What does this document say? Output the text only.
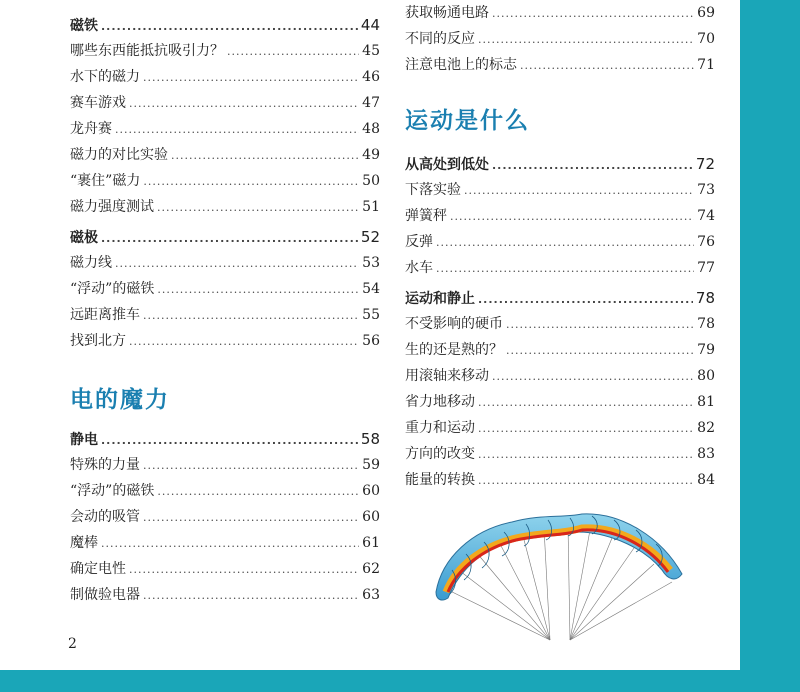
磁铁 .....	44
哪些东西能抵抗吸引力？ .....	45
水下的磁力 .....	46
赛车游戏 .....	47
龙舟赛 .....	48
磁力的对比实验 .....	49
“裹住”磁力 .....	50
磁力强度测试 .....	51
磁极 .....	52
磁力线 .....	53
“浮动”的磁铁 .....	54
远距离推车 .....	55
找到北方 .....	56
电的魔力
静电 .....	58
特殊的力量 .....	59
“浮动”的磁铁 .....	60
会动的吸管 .....	60
魔棒 .....	61
确定电性 .....	62
制做验电器 .....	63
获取畅通电路 .....	69
不同的反应 .....	70
注意电池上的标志 .....	71
运动是什么
从高处到低处 .....	72
下落实验 .....	73
弹簧秤 .....	74
反弹 .....	76
水车 .....	77
运动和静止 .....	78
不受影响的硬币 .....	78
生的还是熟的？ .....	79
用滚轴来移动 .....	80
省力地移动 .....	81
重力和运动 .....	82
方向的改变 .....	83
能量的转换 .....	84
2
